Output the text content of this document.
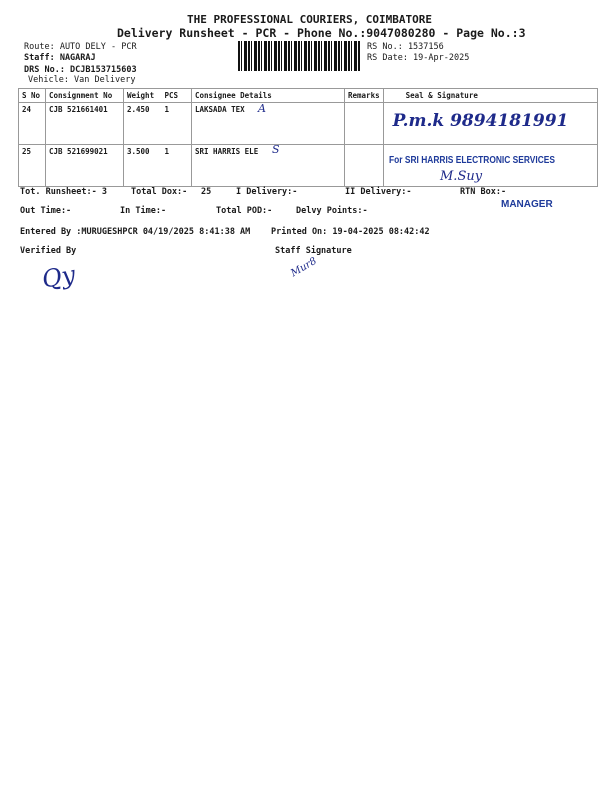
THE PROFESSIONAL COURIERS, COIMBATORE
Delivery Runsheet - PCR - Phone No.:9047080280 - Page No.:3
Route: AUTO DELY - PCR
Staff: NAGARAJ
DRS No.: DCJB153715603
Vehicle: Van Delivery
RS No.: 1537156
RS Date: 19-Apr-2025
S No	Consignment No	Weight	PCS	Consignee Details	Remarks	Seal & Signature
24	CJB 521661401	2.450	1	LAKSADA TEX		P.m.k 9894181991
25	CJB 521699021	3.500	1	SRI HARRIS ELE		For SRI HARRIS ELECTRONIC SERVICES
A
S
M.Suy
Tot. Runsheet:- 3	Total Dox:- 25	I Delivery:-	II Delivery:-	RTN Box:-
MANAGER
Out Time:-	In Time:-	Total POD:-	Delvy Points:-
Entered By :MURUGESHPCR 04/19/2025 8:41:38 AM Printed On: 19-04-2025 08:42:42
Verified By	Staff Signature
Qy	Mur8
